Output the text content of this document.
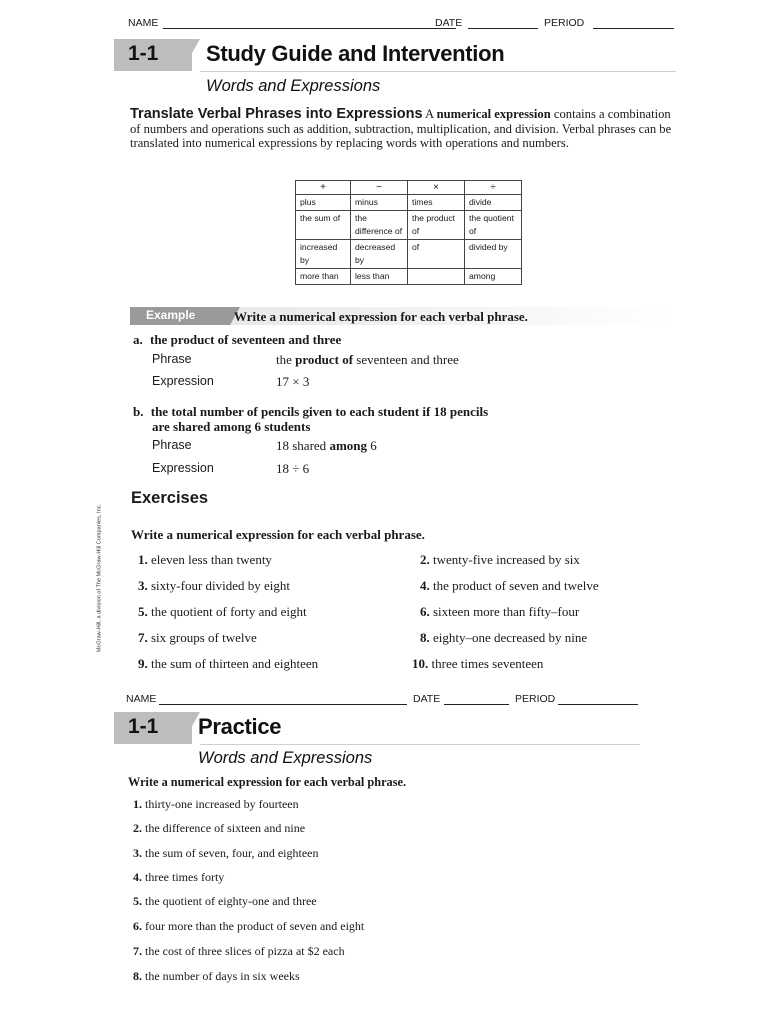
NAME	DATE	PERIOD
1-1 Study Guide and Intervention
Words and Expressions
Translate Verbal Phrases into Expressions A numerical expression contains a combination of numbers and operations such as addition, subtraction, multiplication, and division. Verbal phrases can be translated into numerical expressions by replacing words with operations and numbers.
+	−	×	÷
plus	minus	times	divide
the sum of	the difference of	the product of	the quotient of
increased by	decreased by	of	divided by
more than	less than		among
Example	Write a numerical expression for each verbal phrase.
a. the product of seventeen and three
Phrase	the product of seventeen and three
Expression	17 × 3
b. the total number of pencils given to each student if 18 pencils
are shared among 6 students
Phrase	18 shared among 6
Expression	18 ÷ 6
Exercises
Write a numerical expression for each verbal phrase.
1. eleven less than twenty	2. twenty-five increased by six
3. sixty-four divided by eight	4. the product of seven and twelve
5. the quotient of forty and eight	6. sixteen more than fifty–four
7. six groups of twelve	8. eighty–one decreased by nine
9. the sum of thirteen and eighteen	10. three times seventeen
McGraw-Hill, a division of The McGraw-Hill Companies, Inc.
NAME	DATE	PERIOD
1-1 Practice
Words and Expressions
Write a numerical expression for each verbal phrase.
1. thirty-one increased by fourteen
2. the difference of sixteen and nine
3. the sum of seven, four, and eighteen
4. three times forty
5. the quotient of eighty-one and three
6. four more than the product of seven and eight
7. the cost of three slices of pizza at $2 each
8. the number of days in six weeks
